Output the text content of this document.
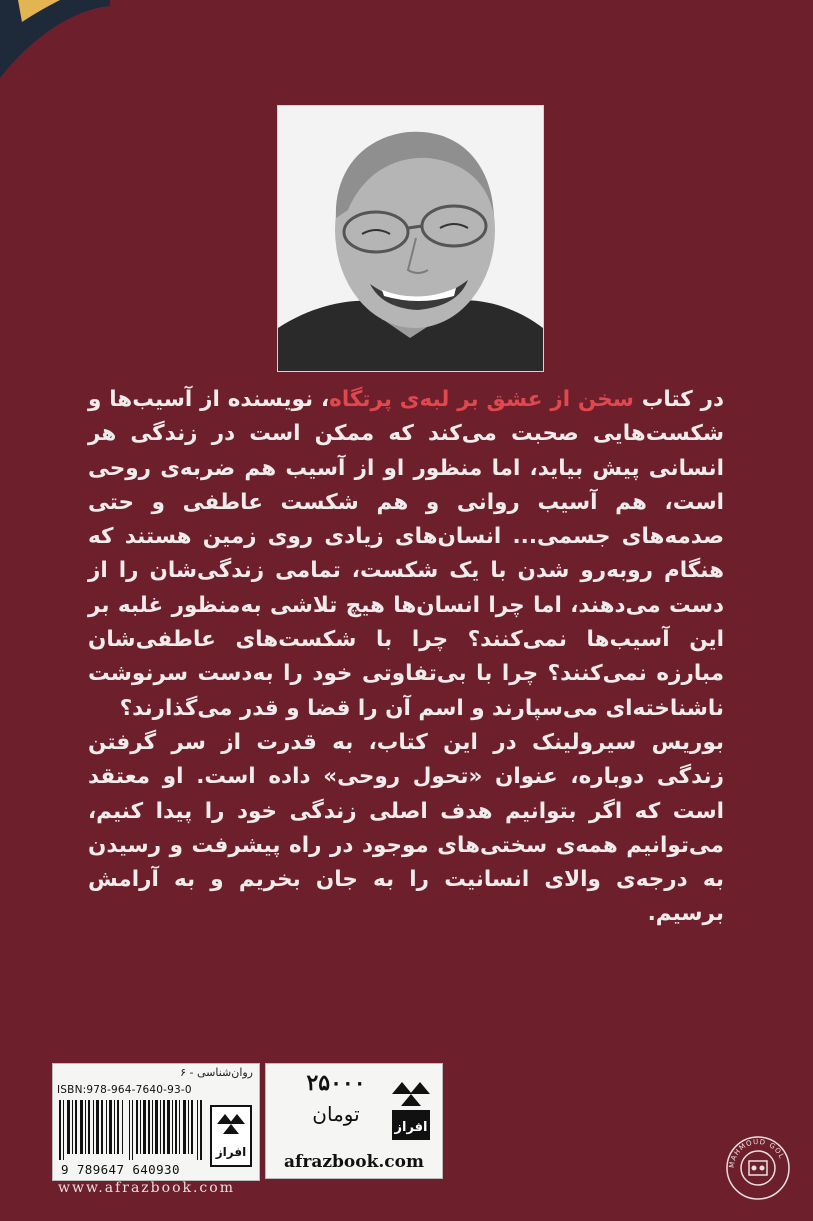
در کتاب سخن از عشق بر لبه‌ی پرتگاه، نویسنده از آسیب‌ها و شکست‌هایی صحبت می‌کند که ممکن است در زندگی هر انسانی پیش بیاید، اما منظور او از آسیب هم ضربه‌ی روحی است، هم آسیب روانی و هم شکست عاطفی و حتی صدمه‌های جسمی... انسان‌های زیادی روی زمین هستند که هنگام روبه‌رو شدن با یک شکست، تمامی زندگی‌شان را از دست می‌دهند، اما چرا انسان‌ها هیچ تلاشی به‌منظور غلبه بر این آسیب‌ها نمی‌کنند؟ چرا با شکست‌های عاطفی‌شان مبارزه نمی‌کنند؟ چرا با بی‌تفاوتی خود را به‌دست سرنوشت ناشناخته‌ای می‌سپارند و اسم آن را قضا و قدر می‌گذارند؟

بوریس سیرولینک در این کتاب، به قدرت از سر گرفتن زندگی دوباره، عنوان «تحول روحی» داده است. او معتقد است که اگر بتوانیم هدف اصلی زندگی خود را پیدا کنیم، می‌توانیم همه‌ی سختی‌های موجود در راه پیشرفت و رسیدن به درجه‌ی والای انسانیت را به جان بخریم و به آرامش برسیم.

روان‌شناسی - ۶
ISBN:978-964-7640-93-0
9 789647 640930
افراز
۲۵۰۰۰
تومان
افراز
afrazbook.com
www.afrazbook.com
MAHMOUD GOL
